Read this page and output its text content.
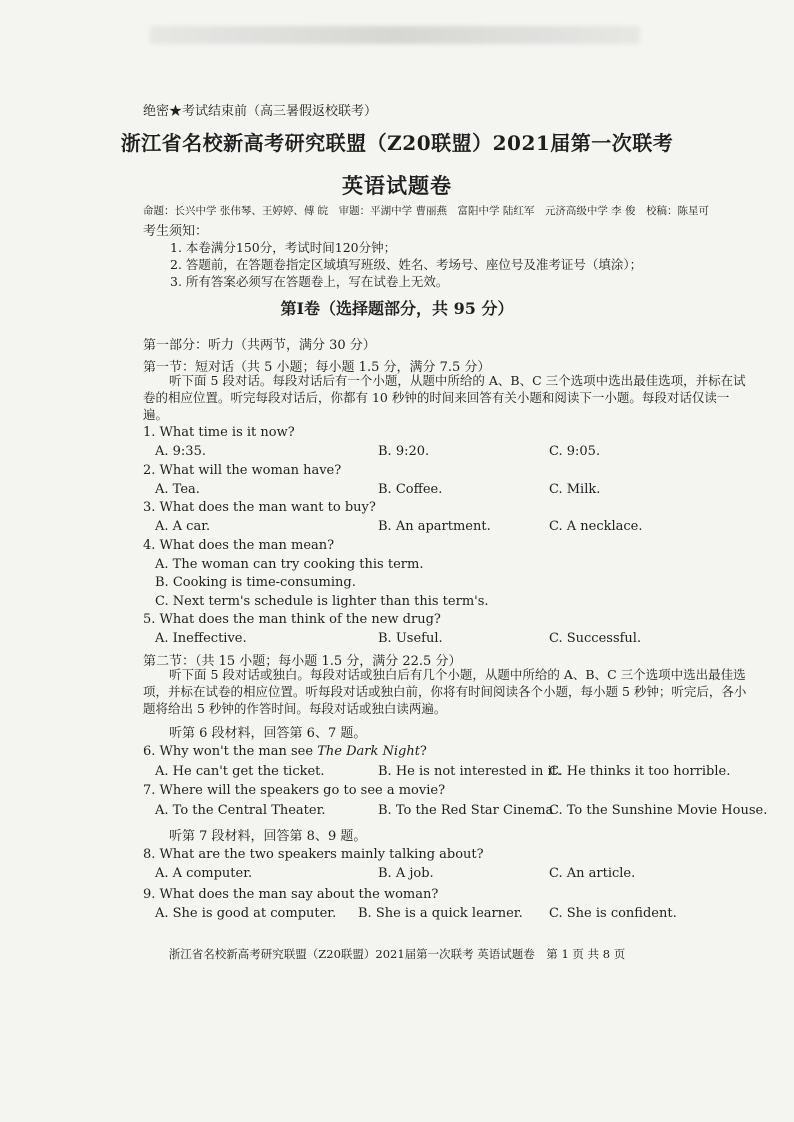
绝密★考试结束前（高三暑假返校联考）
浙江省名校新高考研究联盟（Z20联盟）2021届第一次联考
英语试题卷
命题：长兴中学 张伟琴、王婷婷、傅 皖　审题：平湖中学 曹丽燕　富阳中学 陆红军　元济高级中学 李 俊　校稿：陈星可
考生须知：
1. 本卷满分150分，考试时间120分钟；
2. 答题前，在答题卷指定区域填写班级、姓名、考场号、座位号及准考证号（填涂）；
3. 所有答案必须写在答题卷上，写在试卷上无效。
第Ⅰ卷（选择题部分，共 95 分）
第一部分：听力（共两节，满分 30 分）
第一节：短对话（共 5 小题；每小题 1.5 分，满分 7.5 分）
听下面 5 段对话。每段对话后有一个小题，从题中所给的 A、B、C 三个选项中选出最佳选项，并标在试卷的相应位置。听完每段对话后，你都有 10 秒钟的时间来回答有关小题和阅读下一小题。每段对话仅读一遍。
1. What time is it now?
A. 9:35.	B. 9:20.	C. 9:05.
2. What will the woman have?
A. Tea.	B. Coffee.	C. Milk.
3. What does the man want to buy?
A. A car.	B. An apartment.	C. A necklace.
4. What does the man mean?
A. The woman can try cooking this term.
B. Cooking is time-consuming.
C. Next term's schedule is lighter than this term's.
5. What does the man think of the new drug?
A. Ineffective.	B. Useful.	C. Successful.
第二节：（共 15 小题；每小题 1.5 分，满分 22.5 分）
听下面 5 段对话或独白。每段对话或独白后有几个小题，从题中所给的 A、B、C 三个选项中选出最佳选项，并标在试卷的相应位置。听每段对话或独白前，你将有时间阅读各个小题，每小题 5 秒钟；听完后，各小题将给出 5 秒钟的作答时间。每段对话或独白读两遍。
听第 6 段材料，回答第 6、7 题。
6. Why won't the man see The Dark Night?
A. He can't get the ticket.	B. He is not interested in it.
C. He thinks it too horrible.
7. Where will the speakers go to see a movie?
A. To the Central Theater.	B. To the Red Star Cinema
C. To the Sunshine Movie House.
听第 7 段材料，回答第 8、9 题。
8. What are the two speakers mainly talking about?
A. A computer.	B. A job.	C. An article.
9. What does the man say about the woman?
A. She is good at computer. B. She is a quick learner. C. She is confident.
浙江省名校新高考研究联盟（Z20联盟）2021届第一次联考 英语试题卷　第 1 页 共 8 页
